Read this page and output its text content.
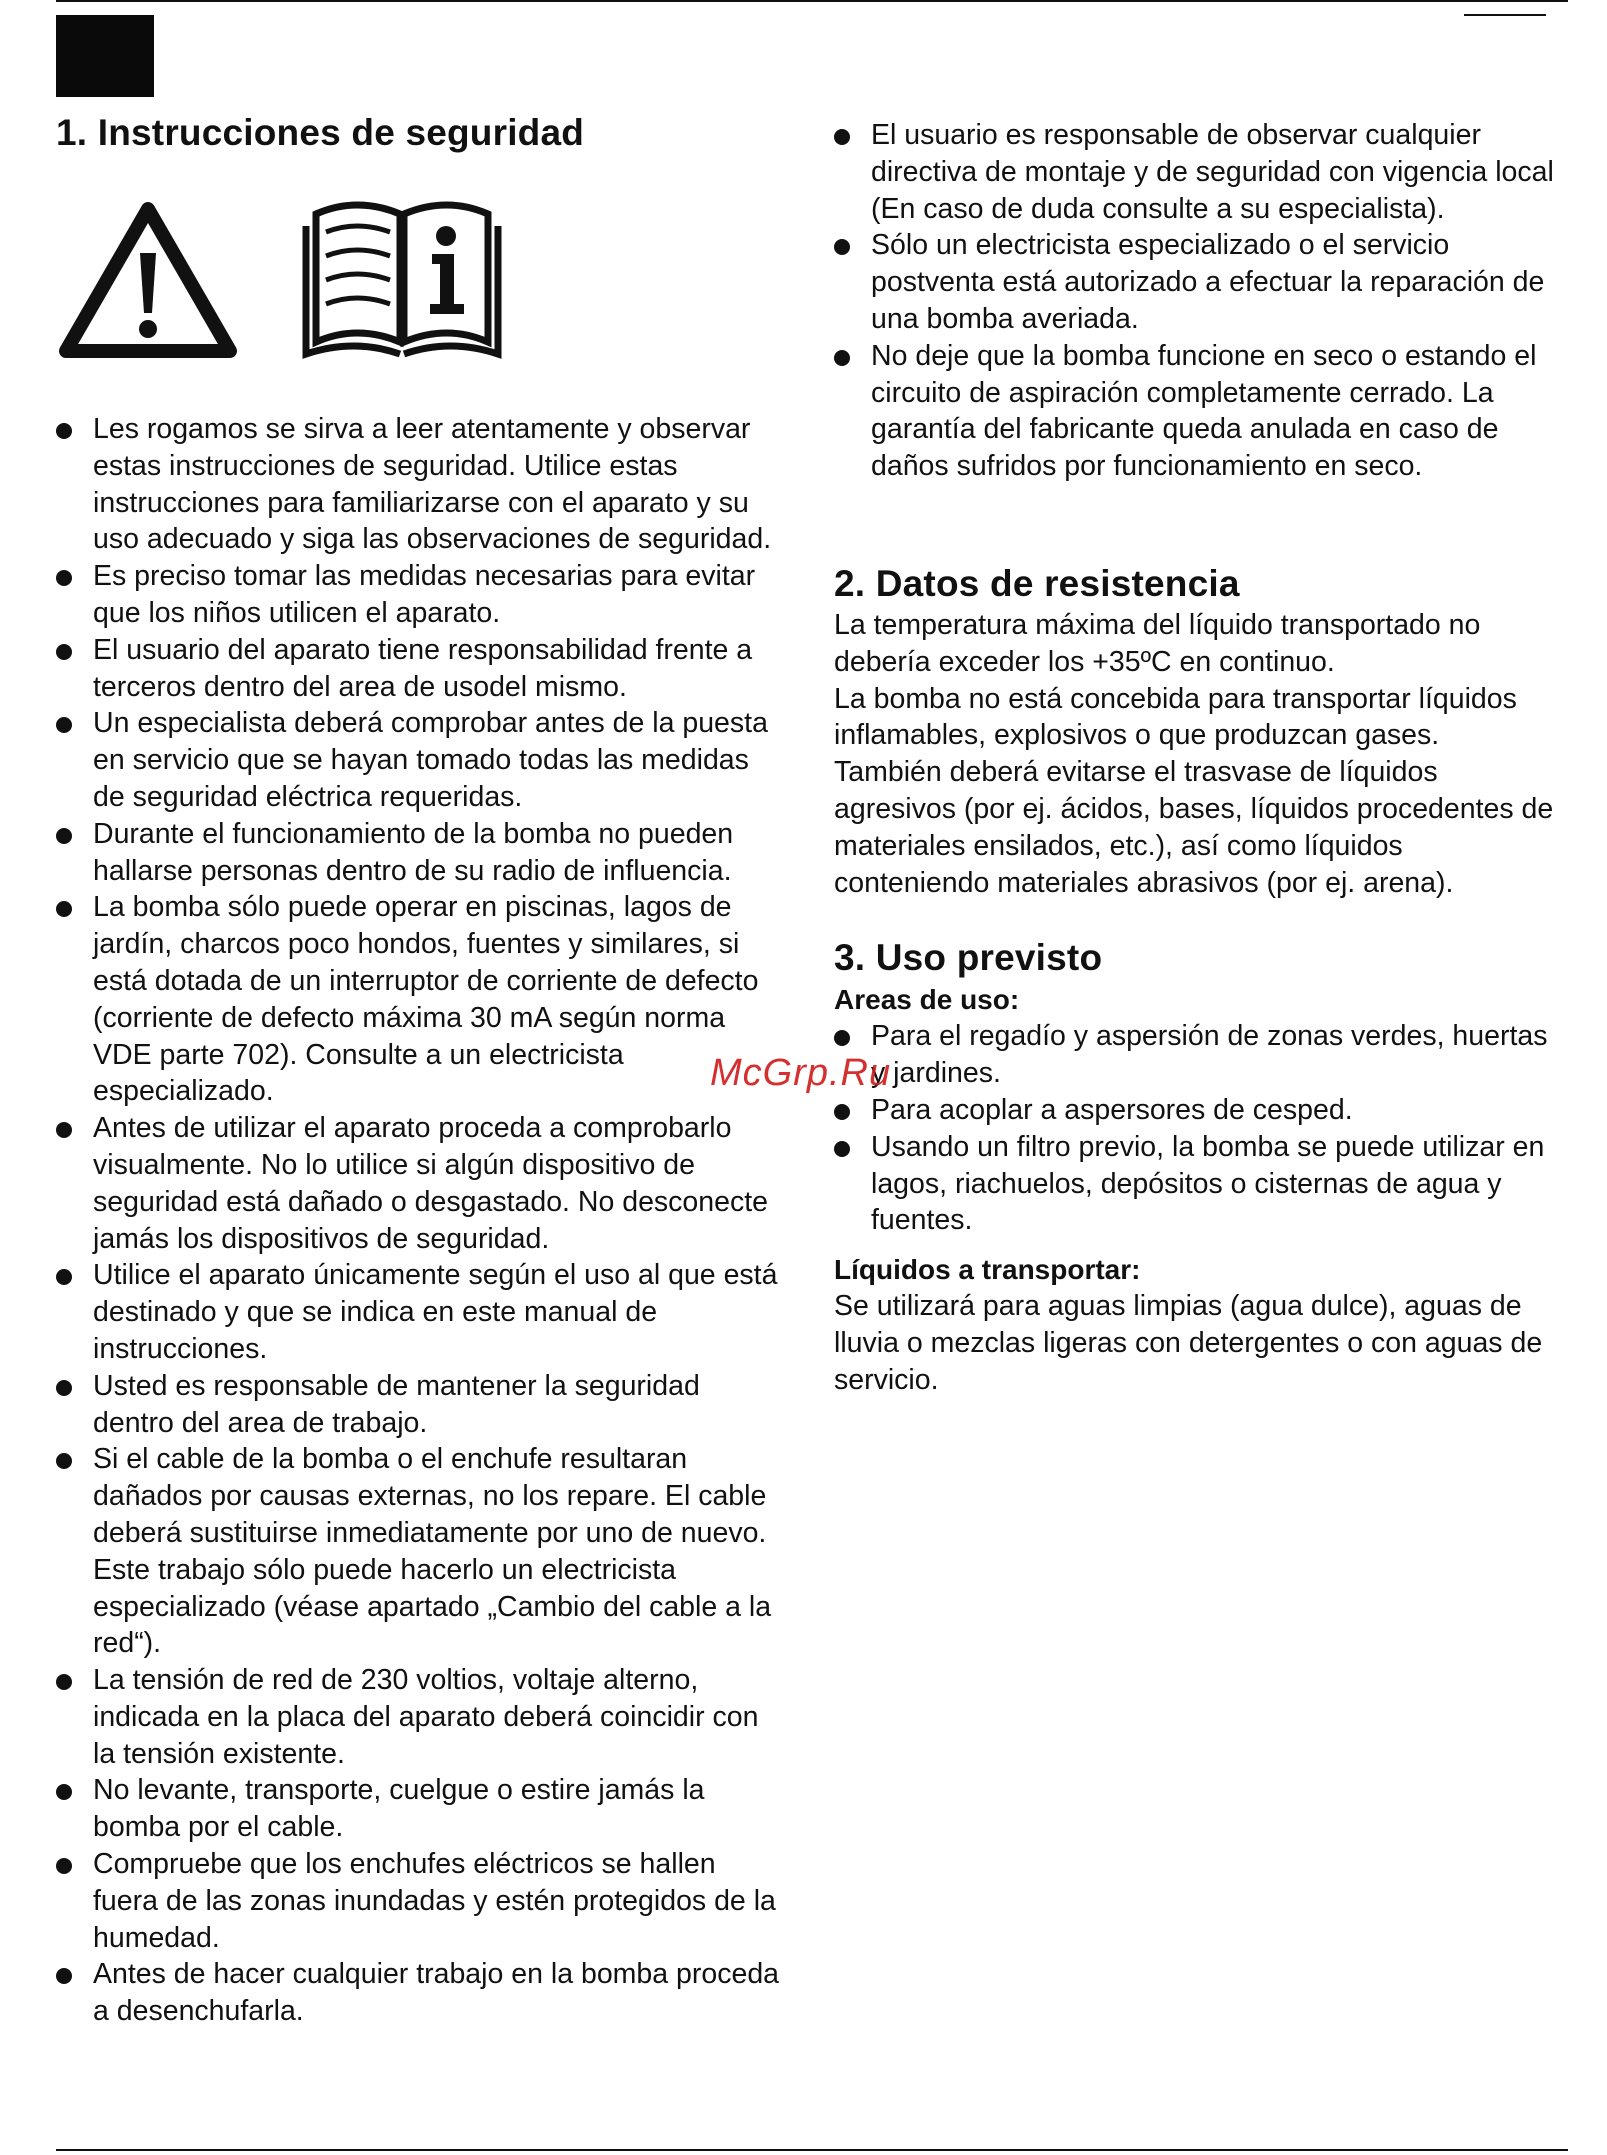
1. Instrucciones de seguridad
Les rogamos se sirva a leer atentamente y observar estas instrucciones de seguridad. Utilice estas instrucciones para familiarizarse con el aparato y su uso adecuado y siga las observaciones de seguridad.
Es preciso tomar las medidas necesarias para evitar que los niños utilicen el aparato.
El usuario del aparato tiene responsabilidad frente a terceros dentro del area de usodel mismo.
Un especialista deberá comprobar antes de la puesta en servicio que se hayan tomado todas las medidas de seguridad eléctrica requeridas.
Durante el funcionamiento de la bomba no pueden hallarse personas dentro de su radio de influencia.
La bomba sólo puede operar en piscinas, lagos de jardín, charcos poco hondos, fuentes y similares, si está dotada de un interruptor de corriente de defecto (corriente de defecto máxima 30 mA según norma VDE parte 702). Consulte a un electricista especializado.
Antes de utilizar el aparato proceda a comprobarlo visualmente. No lo utilice si algún dispositivo de seguridad está dañado o desgastado. No desconecte jamás los dispositivos de seguridad.
Utilice el aparato únicamente según el uso al que está destinado y que se indica en este manual de instrucciones.
Usted es responsable de mantener la seguridad dentro del area de trabajo.
Si el cable de la bomba o el enchufe resultaran dañados por causas externas, no los repare. El cable deberá sustituirse inmediatamente por uno de nuevo. Este trabajo sólo puede hacerlo un electricista especializado (véase apartado „Cambio del cable a la red“).
La tensión de red de 230 voltios, voltaje alterno, indicada en la placa del aparato deberá coincidir con la tensión existente.
No levante, transporte, cuelgue o estire jamás la bomba por el cable.
Compruebe que los enchufes eléctricos se hallen fuera de las zonas inundadas y estén protegidos de la humedad.
Antes de hacer cualquier trabajo en la bomba proceda a desenchufarla.
El usuario es responsable de observar cualquier directiva de montaje y de seguridad con vigencia local (En caso de duda consulte a su especialista).
Sólo un electricista especializado o el servicio postventa está autorizado a efectuar la reparación de una bomba averiada.
No deje que la bomba funcione en seco o estando el circuito de aspiración completamente cerrado. La garantía del fabricante queda anulada en caso de daños sufridos por funcionamiento en seco.
2. Datos de resistencia

La temperatura máxima del líquido transportado no debería exceder los +35ºC en continuo.

La bomba no está concebida para transportar líquidos inflamables, explosivos o que produzcan gases.

También deberá evitarse el trasvase de líquidos agresivos (por ej. ácidos, bases, líquidos procedentes de materiales ensilados, etc.), así como líquidos conteniendo materiales abrasivos (por ej. arena).

3. Uso previsto
Areas de uso:
Para el regadío y aspersión de zonas verdes, huertas y jardines.
Para acoplar a aspersores de cesped.
Usando un filtro previo, la bomba se puede utilizar en lagos, riachuelos, depósitos o cisternas de agua y fuentes.
Líquidos a transportar:

Se utilizará para aguas limpias (agua dulce), aguas de lluvia o mezclas ligeras con detergentes o con aguas de servicio.

McGrp.Ru
